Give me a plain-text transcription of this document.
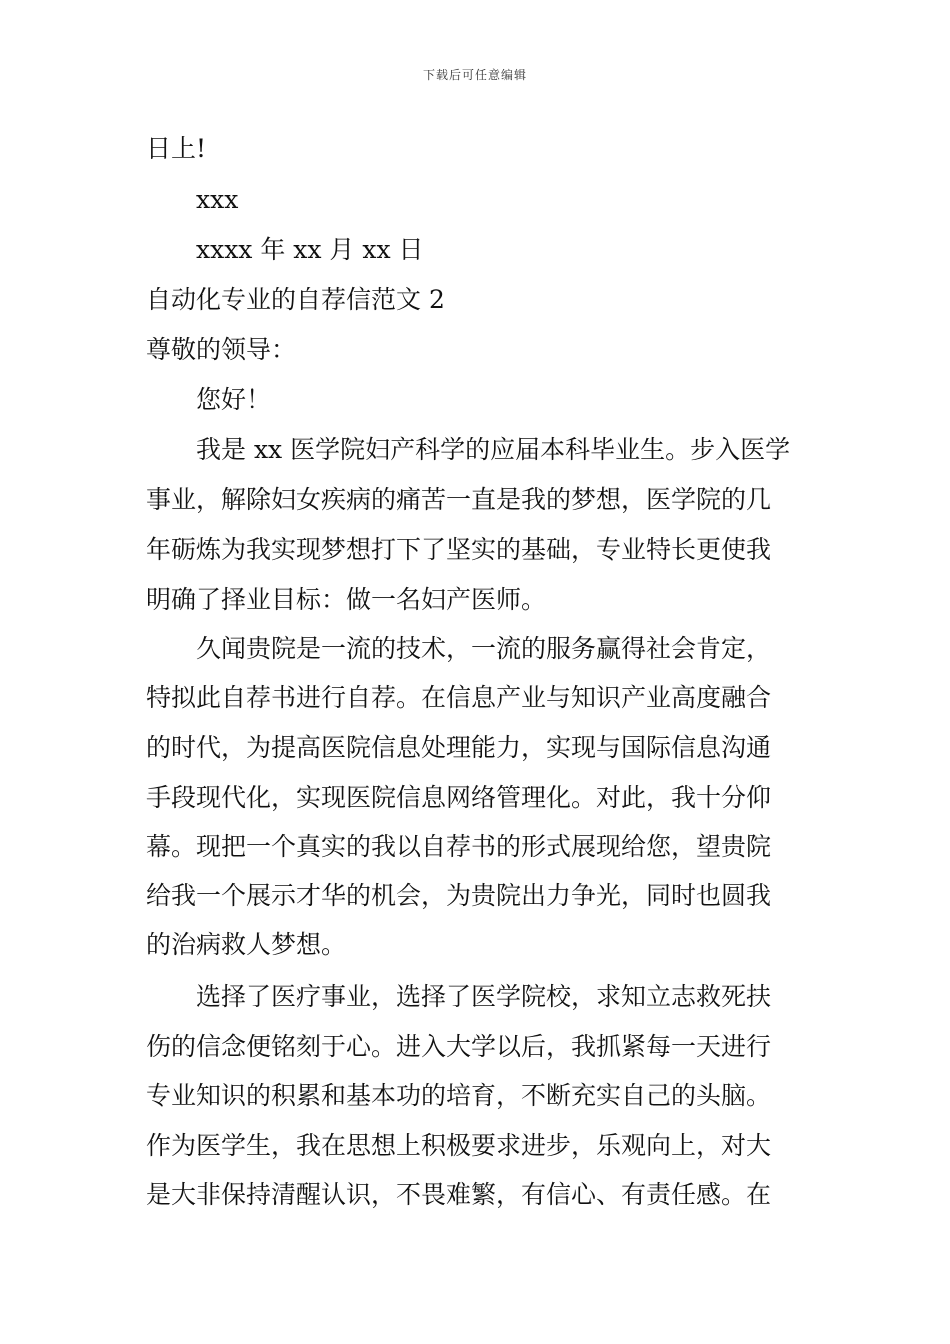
下载后可任意编辑
日上!
xxx
xxxx 年 xx 月 xx 日
自动化专业的自荐信范文 2
尊敬的领导：
您好！
我是 xx 医学院妇产科学的应届本科毕业生。步入医学
事业，解除妇女疾病的痛苦一直是我的梦想，医学院的几
年砺炼为我实现梦想打下了坚实的基础，专业特长更使我
明确了择业目标：做一名妇产医师。
久闻贵院是一流的技术，一流的服务赢得社会肯定，
特拟此自荐书进行自荐。在信息产业与知识产业高度融合
的时代，为提高医院信息处理能力，实现与国际信息沟通
手段现代化，实现医院信息网络管理化。对此，我十分仰
幕。现把一个真实的我以自荐书的形式展现给您，望贵院
给我一个展示才华的机会，为贵院出力争光，同时也圆我
的治病救人梦想。
选择了医疗事业，选择了医学院校，求知立志救死扶
伤的信念便铭刻于心。进入大学以后，我抓紧每一天进行
专业知识的积累和基本功的培育，不断充实自己的头脑。
作为医学生，我在思想上积极要求进步，乐观向上，对大
是大非保持清醒认识，不畏难繁，有信心、有责任感。在
